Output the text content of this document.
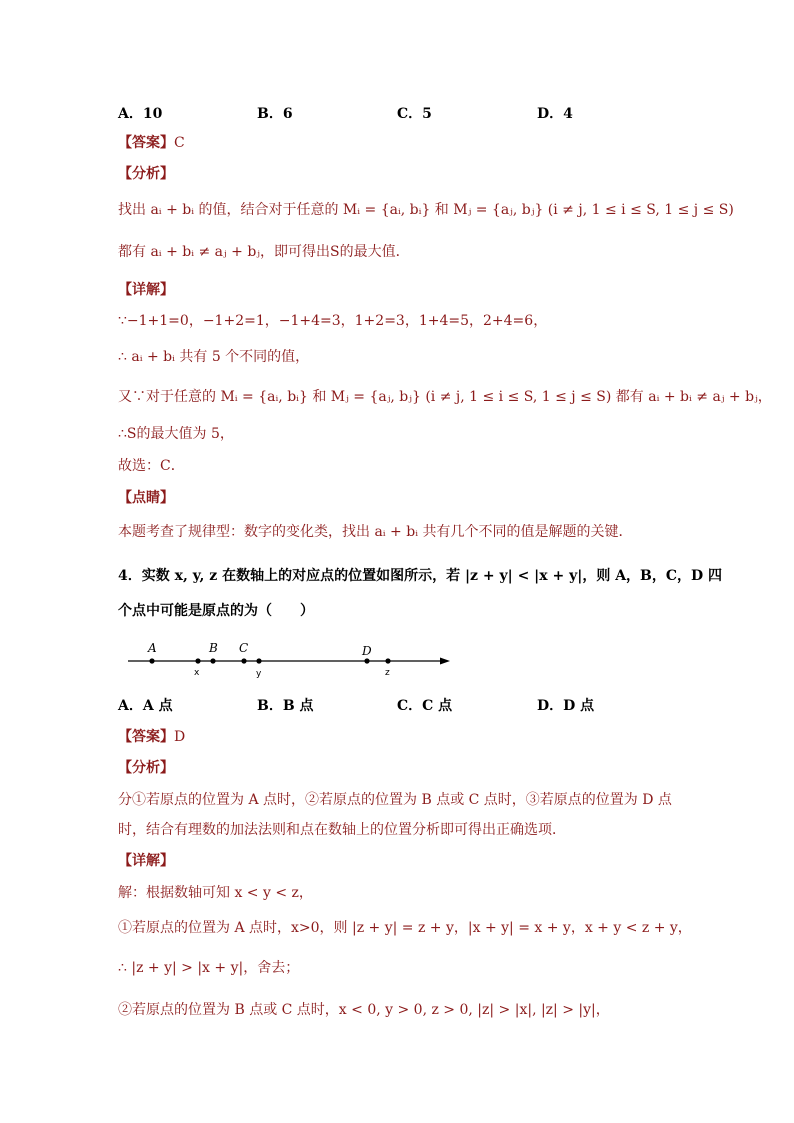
A．10	B．6	C．5	D．4
【答案】C
【分析】
找出 aᵢ + bᵢ 的值，结合对于任意的 Mᵢ = {aᵢ, bᵢ} 和 Mⱼ = {aⱼ, bⱼ} (i ≠ j, 1 ≤ i ≤ S, 1 ≤ j ≤ S)
都有 aᵢ + bᵢ ≠ aⱼ + bⱼ，即可得出S的最大值．
【详解】
∵−1+1=0，−1+2=1，−1+4=3，1+2=3，1+4=5，2+4=6，
∴ aᵢ + bᵢ 共有 5 个不同的值，
又∵对于任意的 Mᵢ = {aᵢ, bᵢ} 和 Mⱼ = {aⱼ, bⱼ} (i ≠ j, 1 ≤ i ≤ S, 1 ≤ j ≤ S) 都有 aᵢ + bᵢ ≠ aⱼ + bⱼ，
∴S的最大值为 5，
故选：C．
【点睛】
本题考查了规律型：数字的变化类，找出 aᵢ + bᵢ 共有几个不同的值是解题的关键．
4．实数 x, y, z 在数轴上的对应点的位置如图所示，若 |z + y| < |x + y|，则 A，B，C，D 四
个点中可能是原点的为（　　）
A	B C	D
x	y	z
A．A 点	B．B 点	C．C 点	D．D 点
【答案】D
【分析】
分①若原点的位置为 A 点时，②若原点的位置为 B 点或 C 点时，③若原点的位置为 D 点
时，结合有理数的加法法则和点在数轴上的位置分析即可得出正确选项．
【详解】
解：根据数轴可知 x < y < z，
①若原点的位置为 A 点时，x>0，则 |z + y| = z + y，|x + y| = x + y，x + y < z + y，
∴ |z + y| > |x + y|，舍去；
②若原点的位置为 B 点或 C 点时，x < 0, y > 0, z > 0, |z| > |x|, |z| > |y|，
